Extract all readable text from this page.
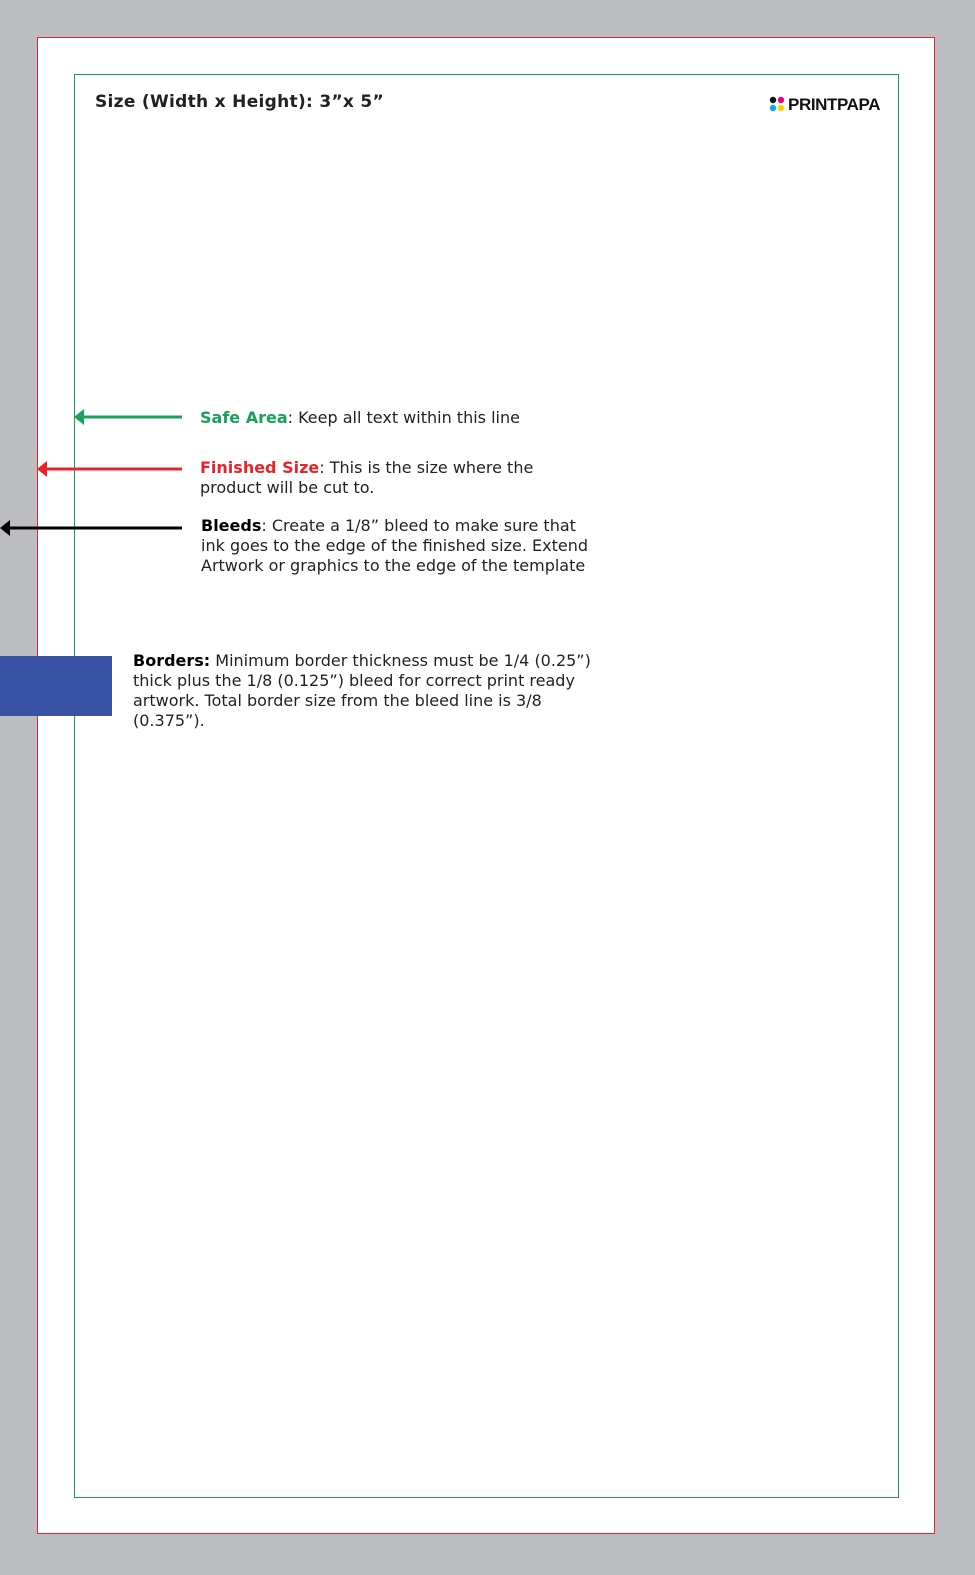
Size (Width x Height): 3”x 5”	PRINTPAPA
Safe Area: Keep all text within this line
Finished Size: This is the size where the product will be cut to.
Bleeds: Create a 1/8” bleed to make sure that ink goes to the edge of the finished size. Extend Artwork or graphics to the edge of the template
Borders: Minimum border thickness must be 1/4 (0.25”) thick plus the 1/8 (0.125”) bleed for correct print ready artwork. Total border size from the bleed line is 3/8 (0.375”).
